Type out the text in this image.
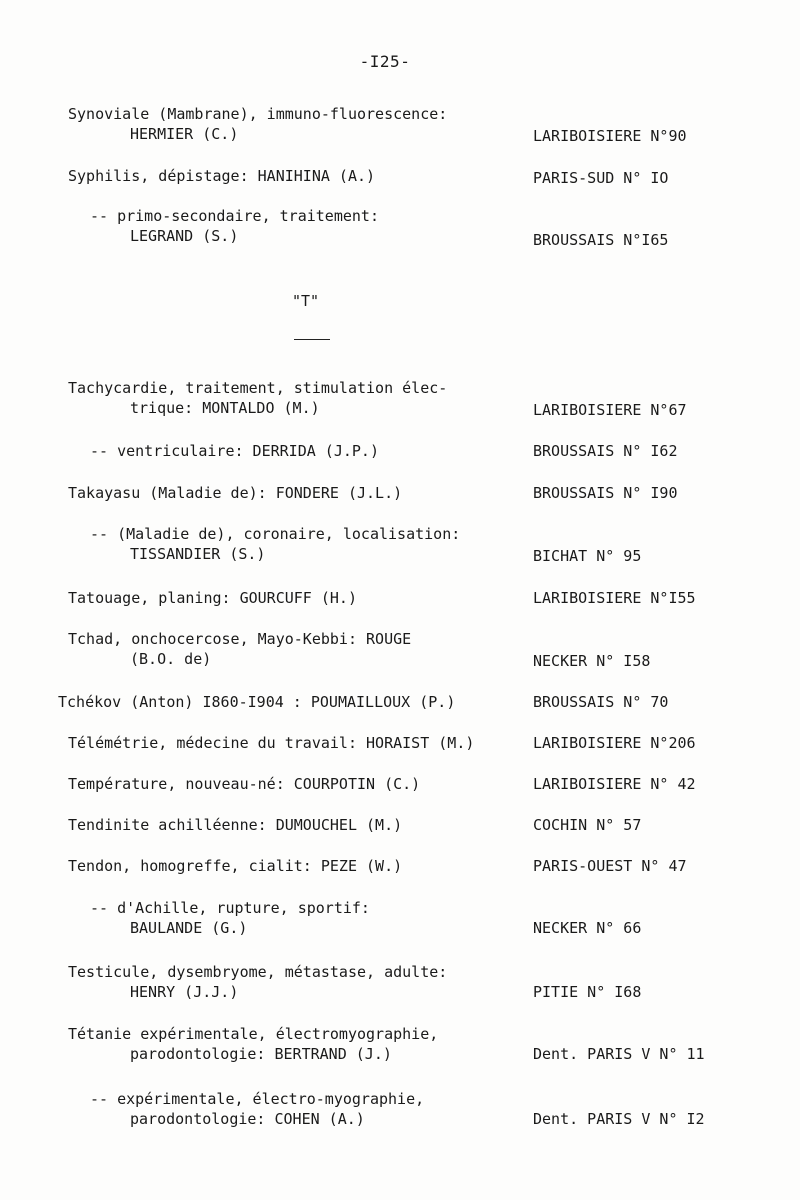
-I25-
Synoviale (Mambrane), immuno-fluorescence:
HERMIER (C.)	LARIBOISIERE N°90
Syphilis, dépistage: HANIHINA (A.)	PARIS-SUD N° IO
-- primo-secondaire, traitement:
LEGRAND (S.)	BROUSSAIS N°I65
"T"
Tachycardie, traitement, stimulation élec-
trique: MONTALDO (M.)	LARIBOISIERE N°67
-- ventriculaire: DERRIDA (J.P.)	BROUSSAIS N° I62
Takayasu (Maladie de): FONDERE (J.L.)	BROUSSAIS N° I90
-- (Maladie de), coronaire, localisation:
TISSANDIER (S.)	BICHAT N° 95
Tatouage, planing: GOURCUFF (H.)	LARIBOISIERE N°I55
Tchad, onchocercose, Mayo-Kebbi: ROUGE
(B.O. de)	NECKER N° I58
Tchékov (Anton) I860-I904 : POUMAILLOUX (P.)	BROUSSAIS N° 70
Télémétrie, médecine du travail: HORAIST (M.)	LARIBOISIERE N°206
Température, nouveau-né: COURPOTIN (C.)	LARIBOISIERE N° 42
Tendinite achilléenne: DUMOUCHEL (M.)	COCHIN N° 57
Tendon, homogreffe, cialit: PEZE (W.)	PARIS-OUEST N° 47
-- d'Achille, rupture, sportif:
BAULANDE (G.)	NECKER N° 66
Testicule, dysembryome, métastase, adulte:
HENRY (J.J.)	PITIE N° I68
Tétanie expérimentale, électromyographie,
parodontologie: BERTRAND (J.)	Dent. PARIS V N° 11
-- expérimentale, électro-myographie,
parodontologie: COHEN (A.)	Dent. PARIS V N° I2
